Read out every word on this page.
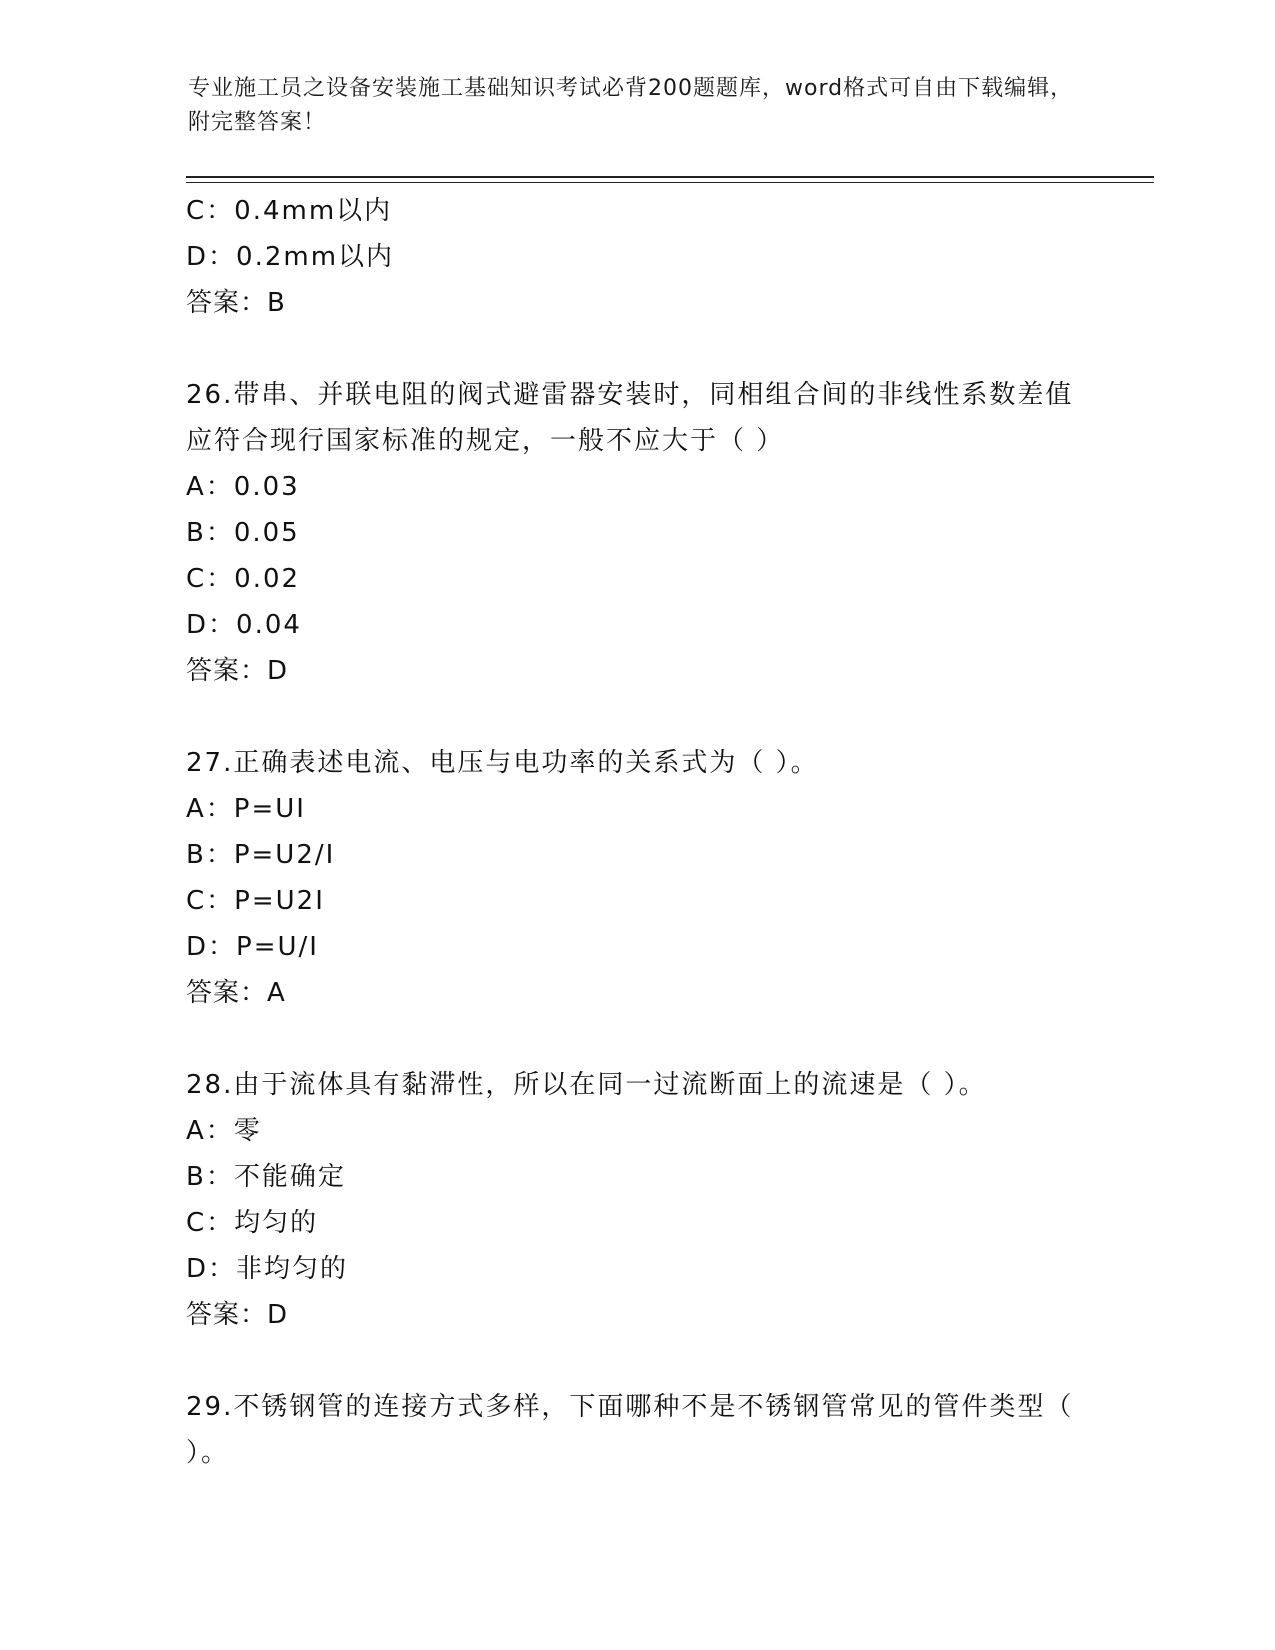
专业施工员之设备安装施工基础知识考试必背200题题库，word格式可自由下载编辑，附完整答案！
C：0.4mm以内
D：0.2mm以内
答案：B
26.带串、并联电阻的阀式避雷器安装时，同相组合间的非线性系数差值应符合现行国家标准的规定，一般不应大于（ ）
A：0.03
B：0.05
C：0.02
D：0.04
答案：D
27.正确表述电流、电压与电功率的关系式为（ ）。
A：P=UI
B：P=U2/I
C：P=U2I
D：P=U/I
答案：A
28.由于流体具有黏滞性，所以在同一过流断面上的流速是（ ）。
A：零
B：不能确定
C：均匀的
D：非均匀的
答案：D
29.不锈钢管的连接方式多样，下面哪种不是不锈钢管常见的管件类型（ ）。
